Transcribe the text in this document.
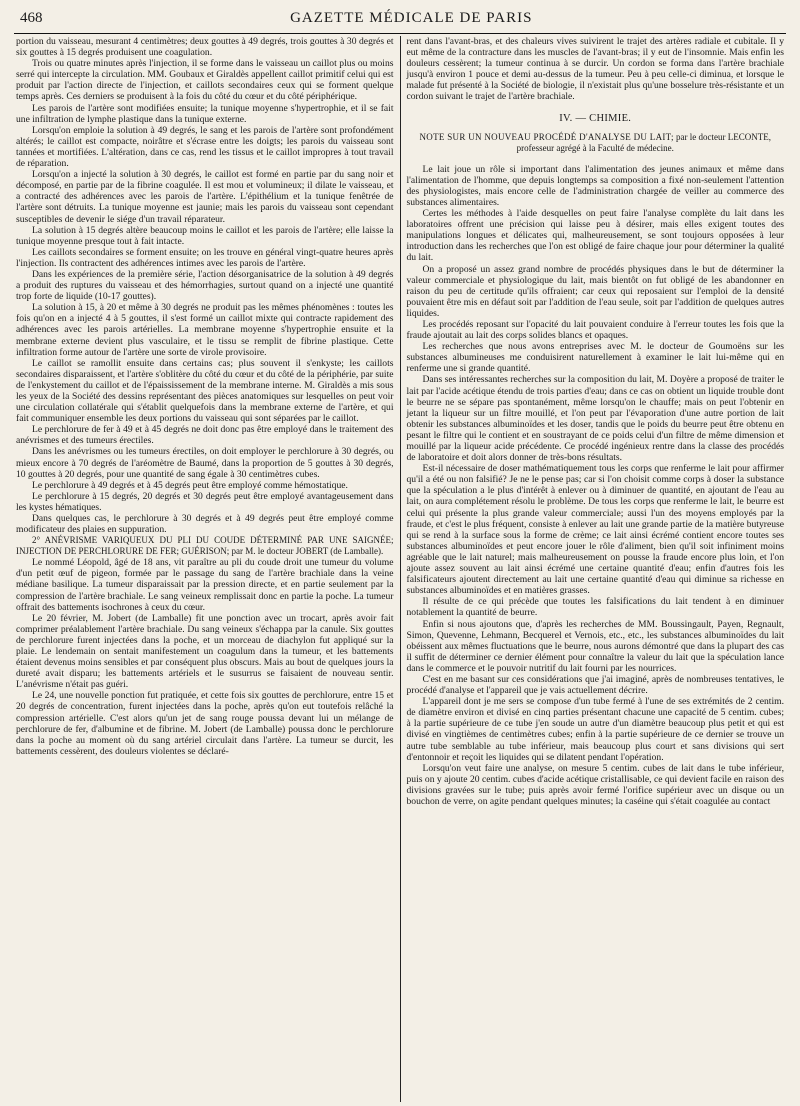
468	GAZETTE MÉDICALE DE PARIS

portion du vaisseau, mesurant 4 centimètres; deux gouttes à 49 degrés, trois gouttes à 30 degrés et six gouttes à 15 degrés produisent une coagulation.

Trois ou quatre minutes après l'injection, il se forme dans le vaisseau un caillot plus ou moins serré qui intercepte la circulation. MM. Goubaux et Giraldès appellent caillot primitif celui qui est produit par l'action directe de l'injection, et caillots secondaires ceux qui se forment quelque temps après. Ces derniers se produisent à la fois du côté du cœur et du côté périphérique.

Les parois de l'artère sont modifiées ensuite; la tunique moyenne s'hypertrophie, et il se fait une infiltration de lymphe plastique dans la tunique externe.

Lorsqu'on emploie la solution à 49 degrés, le sang et les parois de l'artère sont profondément altérés; le caillot est compacte, noirâtre et s'écrase entre les doigts; les parois du vaisseau sont tannées et mortifiées. L'altération, dans ce cas, rend les tissus et le caillot impropres à tout travail de réparation.

Lorsqu'on a injecté la solution à 30 degrés, le caillot est formé en partie par du sang noir et décomposé, en partie par de la fibrine coagulée. Il est mou et volumineux; il dilate le vaisseau, et a contracté des adhérences avec les parois de l'artère. L'épithélium et la tunique fenêtrée de l'artère sont détruits. La tunique moyenne est jaunie; mais les parois du vaisseau sont cependant susceptibles de devenir le siége d'un travail réparateur.

La solution à 15 degrés altère beaucoup moins le caillot et les parois de l'artère; elle laisse la tunique moyenne presque tout à fait intacte.

Les caillots secondaires se forment ensuite; on les trouve en général vingt-quatre heures après l'injection. Ils contractent des adhérences intimes avec les parois de l'artère.

Dans les expériences de la première série, l'action désorganisatrice de la solution à 49 degrés a produit des ruptures du vaisseau et des hémorrhagies, surtout quand on a injecté une quantité trop forte de liquide (10-17 gouttes).

La solution à 15, à 20 et même à 30 degrés ne produit pas les mêmes phénomènes : toutes les fois qu'on en a injecté 4 à 5 gouttes, il s'est formé un caillot mixte qui contracte rapidement des adhérences avec les parois artérielles. La membrane moyenne s'hypertrophie ensuite et la membrane externe devient plus vasculaire, et le tissu se remplit de fibrine plastique. Cette infiltration forme autour de l'artère une sorte de virole provisoire.

Le caillot se ramollit ensuite dans certains cas; plus souvent il s'enkyste; les caillots secondaires disparaissent, et l'artère s'oblitère du côté du cœur et du côté de la périphérie, par suite de l'enkystement du caillot et de l'épaississement de la membrane interne. M. Giraldès a mis sous les yeux de la Société des dessins représentant des pièces anatomiques sur lesquelles on peut voir une circulation collatérale qui s'établit quelquefois dans la membrane externe de l'artère, et qui fait communiquer ensemble les deux portions du vaisseau qui sont séparées par le caillot.

Le perchlorure de fer à 49 et à 45 degrés ne doit donc pas être employé dans le traitement des anévrismes et des tumeurs érectiles.

Dans les anévrismes ou les tumeurs érectiles, on doit employer le perchlorure à 30 degrés, ou mieux encore à 70 degrés de l'aréomètre de Baumé, dans la proportion de 5 gouttes à 30 degrés, 10 gouttes à 20 degrés, pour une quantité de sang égale à 30 centimètres cubes.

Le perchlorure à 49 degrés et à 45 degrés peut être employé comme hémostatique.

Le perchlorure à 15 degrés, 20 degrés et 30 degrés peut être employé avantageusement dans les kystes hématiques.

Dans quelques cas, le perchlorure à 30 degrés et à 49 degrés peut être employé comme modificateur des plaies en suppuration.

2° ANÉVRISME VARIQUEUX DU PLI DU COUDE DÉTERMINÉ PAR UNE SAIGNÉE; INJECTION DE PERCHLORURE DE FER; GUÉRISON; par M. le docteur JOBERT (de Lamballe).

Le nommé Léopold, âgé de 18 ans, vit paraître au pli du coude droit une tumeur du volume d'un petit œuf de pigeon, formée par le passage du sang de l'artère brachiale dans la veine médiane basilique. La tumeur disparaissait par la pression directe, et en partie seulement par la compression de l'artère brachiale. Le sang veineux remplissait donc en partie la poche. La tumeur offrait des battements isochrones à ceux du cœur.

Le 20 février, M. Jobert (de Lamballe) fit une ponction avec un trocart, après avoir fait comprimer préalablement l'artère brachiale. Du sang veineux s'échappa par la canule. Six gouttes de perchlorure furent injectées dans la poche, et un morceau de diachylon fut appliqué sur la plaie. Le lendemain on sentait manifestement un coagulum dans la tumeur, et les battements étaient devenus moins sensibles et par conséquent plus obscurs. Mais au bout de quelques jours la dureté avait disparu; les battements artériels et le susurrus se faisaient de nouveau sentir. L'anévrisme n'était pas guéri.

Le 24, une nouvelle ponction fut pratiquée, et cette fois six gouttes de perchlorure, entre 15 et 20 degrés de concentration, furent injectées dans la poche, après qu'on eut toutefois relâché la compression artérielle. C'est alors qu'un jet de sang rouge poussa devant lui un mélange de perchlorure de fer, d'albumine et de fibrine. M. Jobert (de Lamballe) poussa donc le perchlorure dans la poche au moment où du sang artériel circulait dans l'artère. La tumeur se durcit, les battements cessèrent, des douleurs violentes se déclaré-

rent dans l'avant-bras, et des chaleurs vives suivirent le trajet des artères radiale et cubitale. Il y eut même de la contracture dans les muscles de l'avant-bras; il y eut de l'insomnie. Mais enfin les douleurs cessèrent; la tumeur continua à se durcir. Un cordon se forma dans l'artère brachiale jusqu'à environ 1 pouce et demi au-dessus de la tumeur. Peu à peu celle-ci diminua, et lorsque le malade fut présenté à la Société de biologie, il n'existait plus qu'une bosselure très-résistante et un cordon suivant le trajet de l'artère brachiale.

IV. — CHIMIE.
NOTE SUR UN NOUVEAU PROCÉDÉ D'ANALYSE DU LAIT; par le docteur LECONTE, professeur agrégé à la Faculté de médecine.

Le lait joue un rôle si important dans l'alimentation des jeunes animaux et même dans l'alimentation de l'homme, que depuis longtemps sa composition a fixé non-seulement l'attention des physiologistes, mais encore celle de l'administration chargée de veiller au commerce des substances alimentaires.

Certes les méthodes à l'aide desquelles on peut faire l'analyse complète du lait dans les laboratoires offrent une précision qui laisse peu à désirer, mais elles exigent toutes des manipulations longues et délicates qui, malheureusement, se sont toujours opposées à leur introduction dans les recherches que l'on est obligé de faire chaque jour pour déterminer la qualité du lait.

On a proposé un assez grand nombre de procédés physiques dans le but de déterminer la valeur commerciale et physiologique du lait, mais bientôt on fut obligé de les abandonner en raison du peu de certitude qu'ils offraient; car ceux qui reposaient sur l'emploi de la densité pouvaient être mis en défaut soit par l'addition de l'eau seule, soit par l'addition de quelques autres liquides.

Les procédés reposant sur l'opacité du lait pouvaient conduire à l'erreur toutes les fois que la fraude ajoutait au lait des corps solides blancs et opaques.

Les recherches que nous avons entreprises avec M. le docteur de Goumoëns sur les substances albumineuses me conduisirent naturellement à examiner le lait lui-même qui en renferme une si grande quantité.

Dans ses intéressantes recherches sur la composition du lait, M. Doyère a proposé de traiter le lait par l'acide acétique étendu de trois parties d'eau; dans ce cas on obtient un liquide trouble dont le beurre ne se sépare pas spontanément, même lorsqu'on le chauffe; mais on peut l'obtenir en jetant la liqueur sur un filtre mouillé, et l'on peut par l'évaporation d'une autre portion de lait obtenir les substances albuminoïdes et les doser, tandis que le poids du beurre peut être obtenu en pesant le filtre qui le contient et en soustrayant de ce poids celui d'un filtre de même dimension et mouillé par la liqueur acide précédente. Ce procédé ingénieux rentre dans la classe des procédés de laboratoire et doit alors donner de très-bons résultats.

Est-il nécessaire de doser mathématiquement tous les corps que renferme le lait pour affirmer qu'il a été ou non falsifié? Je ne le pense pas; car si l'on choisit comme corps à doser la substance que la spéculation a le plus d'intérêt à enlever ou à diminuer de quantité, en ajoutant de l'eau au lait, on aura complétement résolu le problème. De tous les corps que renferme le lait, le beurre est celui qui présente la plus grande valeur commerciale; aussi l'un des moyens employés par la fraude, et c'est le plus fréquent, consiste à enlever au lait une grande partie de la matière butyreuse qui se rend à la surface sous la forme de crème; ce lait ainsi écrémé contient encore toutes ses substances albuminoïdes et peut encore jouer le rôle d'aliment, bien qu'il soit infiniment moins agréable que le lait naturel; mais malheureusement on pousse la fraude encore plus loin, et l'on ajoute assez souvent au lait ainsi écrémé une certaine quantité d'eau; enfin d'autres fois les falsificateurs ajoutent directement au lait une certaine quantité d'eau qui diminue sa richesse en substances albuminoïdes et en matières grasses.

Il résulte de ce qui précède que toutes les falsifications du lait tendent à en diminuer notablement la quantité de beurre.

Enfin si nous ajoutons que, d'après les recherches de MM. Boussingault, Payen, Regnault, Simon, Quevenne, Lehmann, Becquerel et Vernois, etc., etc., les substances albuminoïdes du lait obéissent aux mêmes fluctuations que le beurre, nous aurons démontré que dans la plupart des cas il suffit de déterminer ce dernier élément pour connaître la valeur du lait que la spéculation lance dans le commerce et le pouvoir nutritif du lait fourni par les nourrices.

C'est en me basant sur ces considérations que j'ai imaginé, après de nombreuses tentatives, le procédé d'analyse et l'appareil que je vais actuellement décrire.

L'appareil dont je me sers se compose d'un tube fermé à l'une de ses extrémités de 2 centim. de diamètre environ et divisé en cinq parties présentant chacune une capacité de 5 centim. cubes; à la partie supérieure de ce tube j'en soude un autre d'un diamètre beaucoup plus petit et qui est divisé en vingtièmes de centimètres cubes; enfin à la partie supérieure de ce dernier se trouve un autre tube semblable au tube inférieur, mais beaucoup plus court et sans divisions qui sert d'entonnoir et reçoit les liquides qui se dilatent pendant l'opération.

Lorsqu'on veut faire une analyse, on mesure 5 centim. cubes de lait dans le tube inférieur, puis on y ajoute 20 centim. cubes d'acide acétique cristallisable, ce qui devient facile en raison des divisions gravées sur le tube; puis après avoir fermé l'orifice supérieur avec un disque ou un bouchon de verre, on agite pendant quelques minutes; la caséine qui s'était coagulée au contact
